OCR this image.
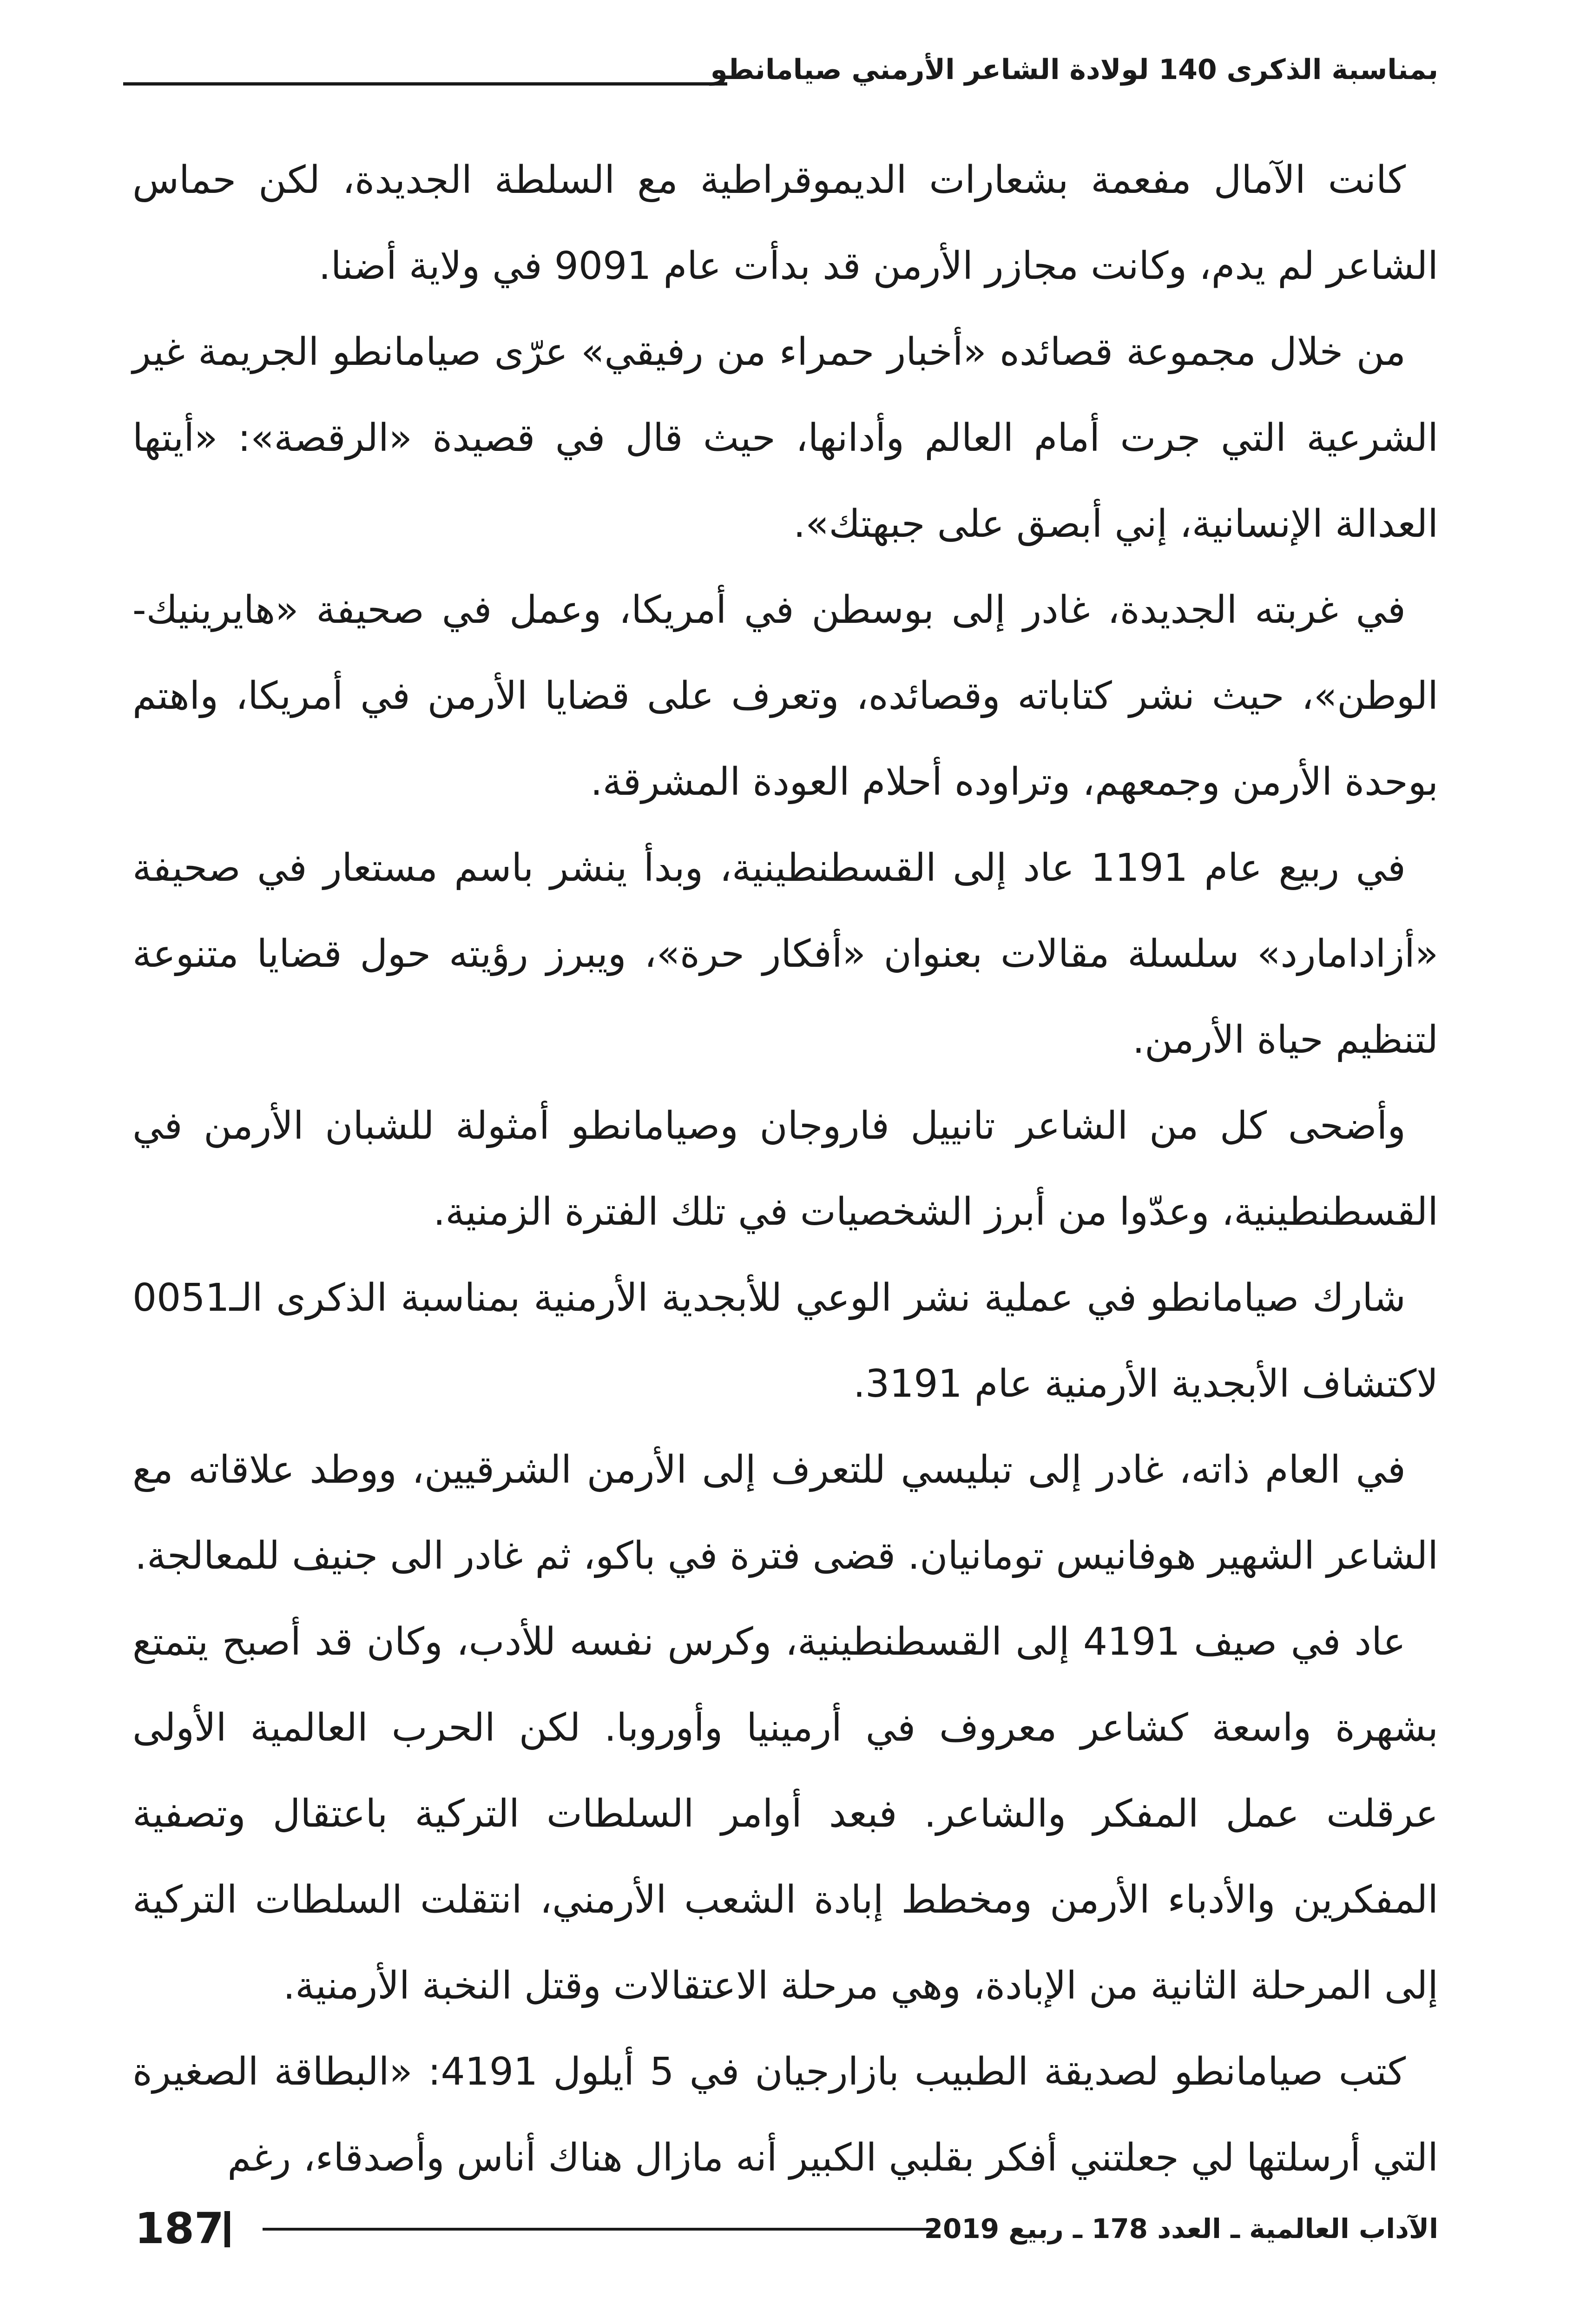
بمناسبة الذكرى 140 لولادة الشاعر الأرمني صيامانطو

كانت الآمال مفعمة بشعارات الديموقراطية مع السلطة الجديدة، لكن حماس الشاعر لم يدم، وكانت مجازر الأرمن قد بدأت عام 9091 في ولاية أضنا.

من خلال مجموعة قصائده «أخبار حمراء من رفيقي» عرّى صيامانطو الجريمة غير الشرعية التي جرت أمام العالم وأدانها، حيث قال في قصيدة «الرقصة»: «أيتها العدالة الإنسانية، إني أبصق على جبهتك».

في غربته الجديدة، غادر إلى بوسطن في أمريكا، وعمل في صحيفة «هايرينيك-الوطن»، حيث نشر كتاباته وقصائده، وتعرف على قضايا الأرمن في أمريكا، واهتم بوحدة الأرمن وجمعهم، وتراوده أحلام العودة المشرقة.

في ربيع عام 1191 عاد إلى القسطنطينية، وبدأ ينشر باسم مستعار في صحيفة «أزادامارد» سلسلة مقالات بعنوان «أفكار حرة»، ويبرز رؤيته حول قضايا متنوعة لتنظيم حياة الأرمن.

وأضحى كل من الشاعر تانييل فاروجان وصيامانطو أمثولة للشبان الأرمن في القسطنطينية، وعدّوا من أبرز الشخصيات في تلك الفترة الزمنية.

شارك صيامانطو في عملية نشر الوعي للأبجدية الأرمنية بمناسبة الذكرى الـ0051 لاكتشاف الأبجدية الأرمنية عام 3191.

في العام ذاته، غادر إلى تبليسي للتعرف إلى الأرمن الشرقيين، ووطد علاقاته مع الشاعر الشهير هوفانيس تومانيان. قضى فترة في باكو، ثم غادر الى جنيف للمعالجة.

عاد في صيف 4191 إلى القسطنطينية، وكرس نفسه للأدب، وكان قد أصبح يتمتع بشهرة واسعة كشاعر معروف في أرمينيا وأوروبا. لكن الحرب العالمية الأولى عرقلت عمل المفكر والشاعر. فبعد أوامر السلطات التركية باعتقال وتصفية المفكرين والأدباء الأرمن ومخطط إبادة الشعب الأرمني، انتقلت السلطات التركية إلى المرحلة الثانية من الإبادة، وهي مرحلة الاعتقالات وقتل النخبة الأرمنية.

كتب صيامانطو لصديقة الطبيب بازارجيان في 5 أيلول 4191: «البطاقة الصغيرة التي أرسلتها لي جعلتني أفكر بقلبي الكبير أنه مازال هناك أناس وأصدقاء، رغم

187	الآداب العالمية ـ العدد 178 ـ ربيع 2019
